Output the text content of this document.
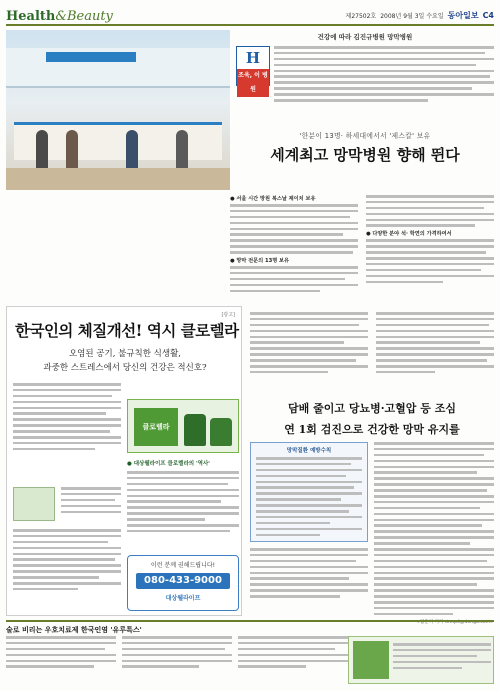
Health&Beauty	제27502호 2008년 9월 3일 수요일 동아일보 C4
건강에 따라 김진규병원 망막병원
H
조욱, 이 병원
'한분이 13명· 하세대에서서 '제스칼' 보유
세계최고 망막병원 향해 뛴다
● 서울 시간 망원 복스날 제이치 보유
● 망막 전문의 13명 보유
● 다양한 분야 석· 학연의 가격하여서
[광고]
한국인의 체질개선! 역시 클로렐라
오염된 공기, 불규칙한 식생활,
과중한 스트레스에서 당신의 건강은 적신호?
클로렐라
● 대상웰라이프 클로렐라의 '역사'
이런 분께 권해드립니다!
080-433-9000
대상웰라이프
담배 줄이고 당뇨병·고혈압 등 조심
연 1회 검진으로 건강한 망막 유지를
망막질환 예방수칙
<김훈지 기자 drmp4@donga.com>
술로 비리는 우호치료제 한국인염 '유루특스'
